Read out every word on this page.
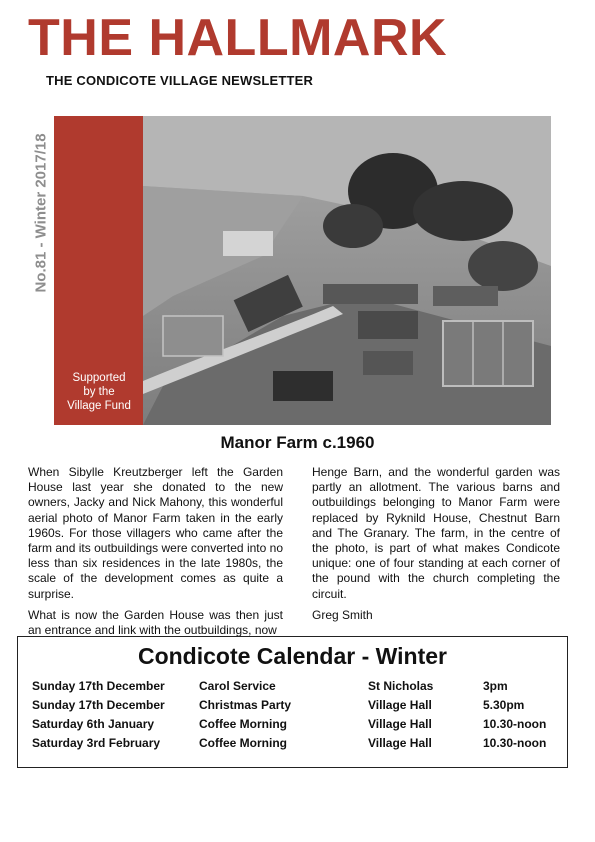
THE HALLMARK
THE CONDICOTE VILLAGE NEWSLETTER
No.81 - Winter 2017/18
Supported
by the
Village Fund
Manor Farm c.1960

When Sibylle Kreutzberger left the Garden House last year she donated to the new owners, Jacky and Nick Mahony, this wonderful aerial photo of Manor Farm taken in the early 1960s. For those villagers who came after the farm and its outbuildings were converted into no less than six residences in the late 1980s, the scale of the development comes as quite a surprise.

What is now the Garden House was then just an entrance and link with the outbuildings, now

Henge Barn, and the wonderful garden was partly an allotment. The various barns and outbuildings belonging to Manor Farm were replaced by Ryknild House, Chestnut Barn and The Granary. The farm, in the centre of the photo, is part of what makes Condicote unique: one of four standing at each corner of the pound with the church completing the circuit.

Greg Smith

Condicote Calendar - Winter
Sunday 17th December	Carol Service	St Nicholas	3pm
Sunday 17th December	Christmas Party	Village Hall	5.30pm
Saturday 6th January	Coffee Morning	Village Hall	10.30-noon
Saturday 3rd February	Coffee Morning	Village Hall	10.30-noon
